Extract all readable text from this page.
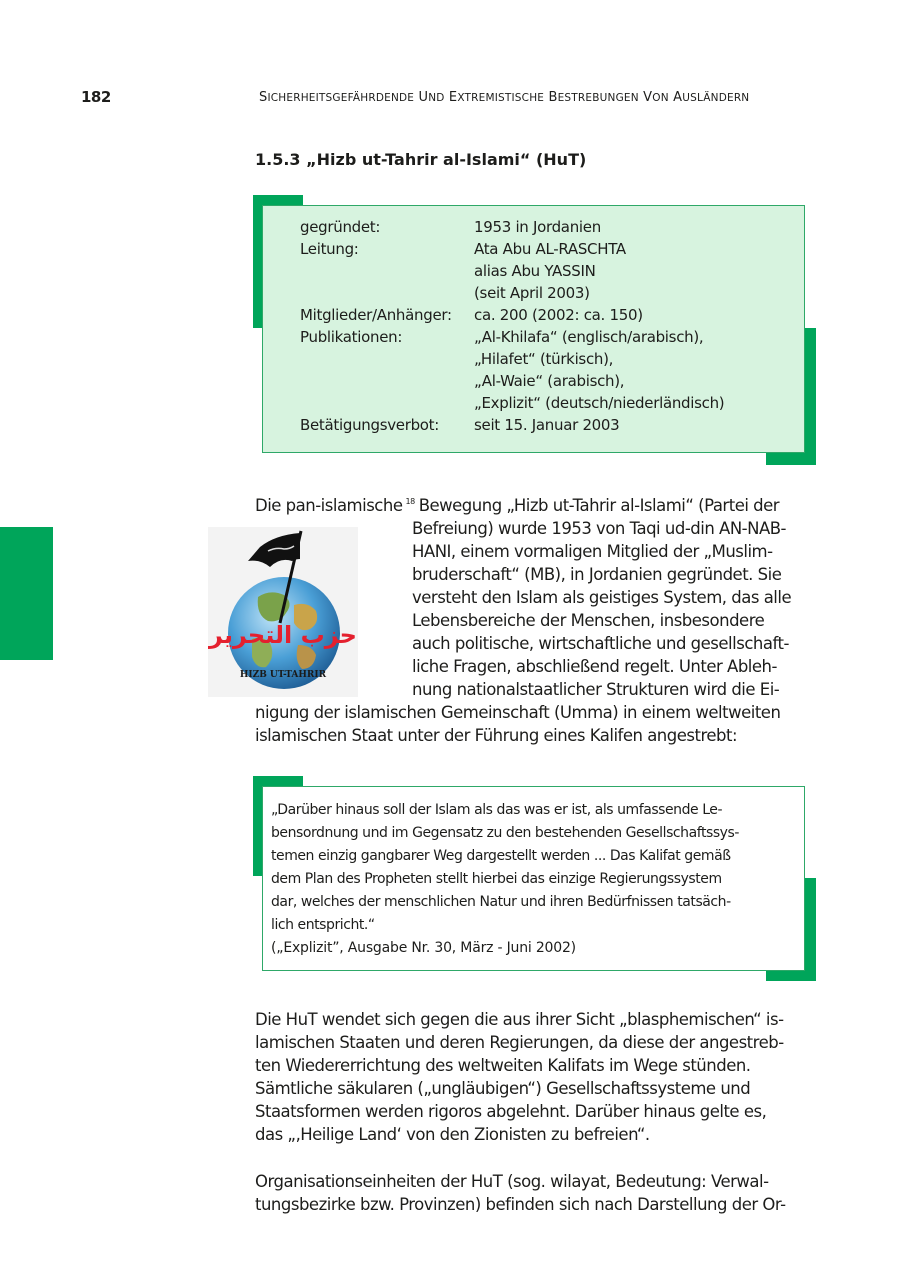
182	SICHERHEITSGEFÄHRDENDE UND EXTREMISTISCHE BESTREBUNGEN VON AUSLÄNDERN
1.5.3 „Hizb ut-Tahrir al-Islami“ (HuT)
gegründet:	1953 in Jordanien
Leitung:	Ata Abu AL-RASCHTA
alias Abu YASSIN
(seit April 2003)
Mitglieder/Anhänger:	ca. 200 (2002: ca. 150)
Publikationen:	„Al-Khilafa“ (englisch/arabisch),
„Hilafet“ (türkisch),
„Al-Waie“ (arabisch),
„Explizit“ (deutsch/niederländisch)
Betätigungsverbot:	seit 15. Januar 2003
Die pan-islamische $^{18}$ Bewegung „Hizb ut-Tahrir al-Islami“ (Partei der
Befreiung) wurde 1953 von Taqi ud-din AN-NAB-
HANI, einem vormaligen Mitglied der „Muslim-
bruderschaft“ (MB), in Jordanien gegründet. Sie
versteht den Islam als geistiges System, das alle
Lebensbereiche der Menschen, insbesondere
auch politische, wirtschaftliche und gesellschaft-
liche Fragen, abschließend regelt. Unter Ableh-
nung nationalstaatlicher Strukturen wird die Ei-
nigung der islamischen Gemeinschaft (Umma) in einem weltweiten
islamischen Staat unter der Führung eines Kalifen angestrebt:
حزب التحرير
HIZB UT-TAHRIR
„Darüber hinaus soll der Islam als das was er ist, als umfassende Le-
bensordnung und im Gegensatz zu den bestehenden Gesellschaftssys-
temen einzig gangbarer Weg dargestellt werden ... Das Kalifat gemäß
dem Plan des Propheten stellt hierbei das einzige Regierungssystem
dar, welches der menschlichen Natur und ihren Bedürfnissen tatsäch-
lich entspricht.“
(„Explizit”, Ausgabe Nr. 30, März - Juni 2002)
Die HuT wendet sich gegen die aus ihrer Sicht „blasphemischen“ is-
lamischen Staaten und deren Regierungen, da diese der angestreb-
ten Wiedererrichtung des weltweiten Kalifats im Wege stünden.
Sämtliche säkularen („ungläubigen“) Gesellschaftssysteme und
Staatsformen werden rigoros abgelehnt. Darüber hinaus gelte es,
das „‚Heilige Land‘ von den Zionisten zu befreien“.
Organisationseinheiten der HuT (sog. wilayat, Bedeutung: Verwal-
tungsbezirke bzw. Provinzen) befinden sich nach Darstellung der Or-
